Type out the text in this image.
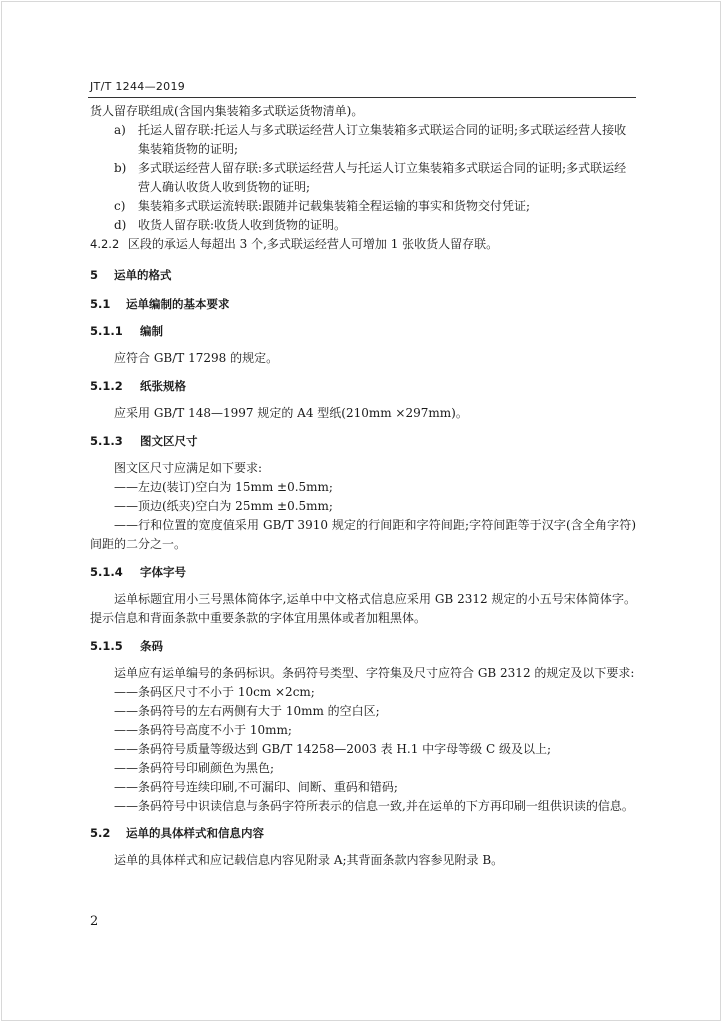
JT/T 1244—2019

货人留存联组成(含国内集装箱多式联运货物清单)。

a) 托运人留存联:托运人与多式联运经营人订立集装箱多式联运合同的证明;多式联运经营人接收集装箱货物的证明;

b) 多式联运经营人留存联:多式联运经营人与托运人订立集装箱多式联运合同的证明;多式联运经营人确认收货人收到货物的证明;

c) 集装箱多式联运流转联:跟随并记载集装箱全程运输的事实和货物交付凭证;

d) 收货人留存联:收货人收到货物的证明。

4.2.2 区段的承运人每超出 3 个,多式联运经营人可增加 1 张收货人留存联。

5 运单的格式

5.1 运单编制的基本要求

5.1.1 编制

应符合 GB/T 17298 的规定。

5.1.2 纸张规格

应采用 GB/T 148—1997 规定的 A4 型纸(210mm ×297mm)。

5.1.3 图文区尺寸

图文区尺寸应满足如下要求:

——左边(装订)空白为 15mm ±0.5mm;

——顶边(纸夹)空白为 25mm ±0.5mm;

——行和位置的宽度值采用 GB/T 3910 规定的行间距和字符间距;字符间距等于汉字(含全角字符)间距的二分之一。

5.1.4 字体字号

运单标题宜用小三号黑体简体字,运单中中文格式信息应采用 GB 2312 规定的小五号宋体简体字。提示信息和背面条款中重要条款的字体宜用黑体或者加粗黑体。

5.1.5 条码

运单应有运单编号的条码标识。条码符号类型、字符集及尺寸应符合 GB 2312 的规定及以下要求:

——条码区尺寸不小于 10cm ×2cm;

——条码符号的左右两侧有大于 10mm 的空白区;

——条码符号高度不小于 10mm;

——条码符号质量等级达到 GB/T 14258—2003 表 H.1 中字母等级 C 级及以上;

——条码符号印刷颜色为黑色;

——条码符号连续印刷,不可漏印、间断、重码和错码;

——条码符号中识读信息与条码字符所表示的信息一致,并在运单的下方再印刷一组供识读的信息。

5.2 运单的具体样式和信息内容

运单的具体样式和应记载信息内容见附录 A;其背面条款内容参见附录 B。

2
